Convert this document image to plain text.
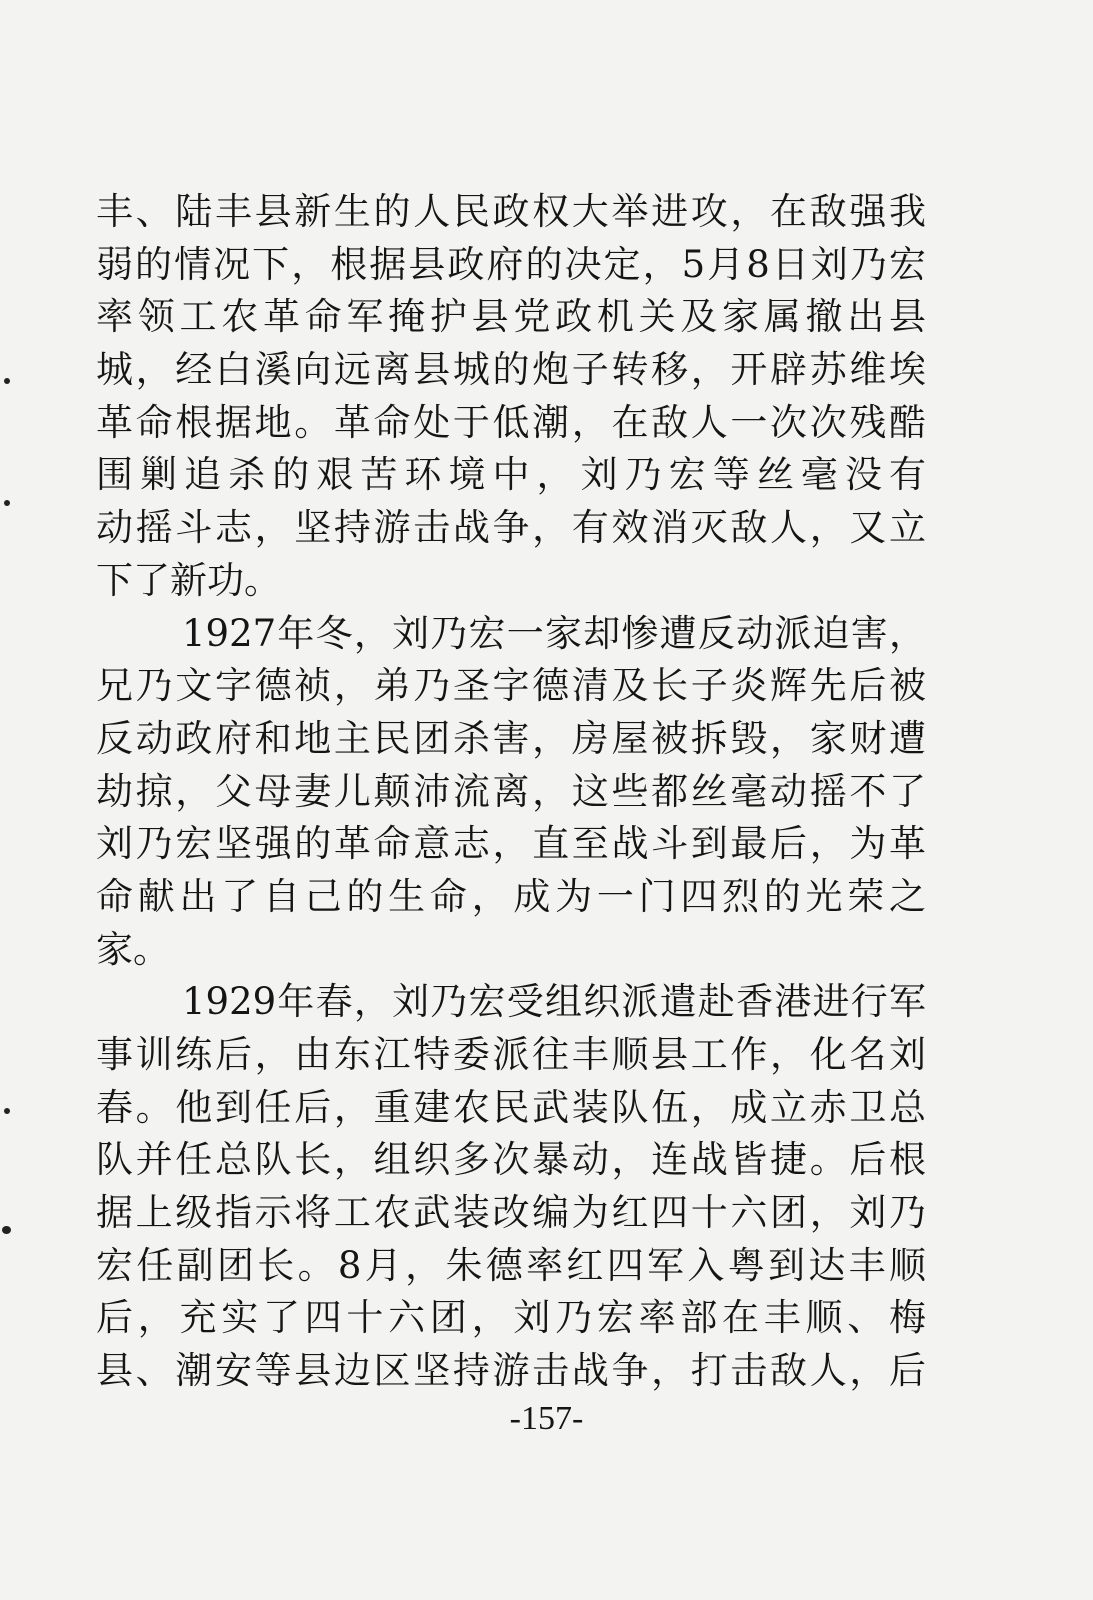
丰、陆丰县新生的人民政权大举进攻，在敌强我
弱的情况下，根据县政府的决定，5月8日刘乃宏
率领工农革命军掩护县党政机关及家属撤出县
城，经白溪向远离县城的炮子转移，开辟苏维埃
革命根据地。革命处于低潮，在敌人一次次残酷
围剿追杀的艰苦环境中，刘乃宏等丝毫没有
动摇斗志，坚持游击战争，有效消灭敌人，又立
下了新功。
1927年冬，刘乃宏一家却惨遭反动派迫害，
兄乃文字德祯，弟乃圣字德清及长子炎辉先后被
反动政府和地主民团杀害，房屋被拆毁，家财遭
劫掠，父母妻儿颠沛流离，这些都丝毫动摇不了
刘乃宏坚强的革命意志，直至战斗到最后，为革
命献出了自己的生命，成为一门四烈的光荣之
家。
1929年春，刘乃宏受组织派遣赴香港进行军
事训练后，由东江特委派往丰顺县工作，化名刘
春。他到任后，重建农民武装队伍，成立赤卫总
队并任总队长，组织多次暴动，连战皆捷。后根
据上级指示将工农武装改编为红四十六团，刘乃
宏任副团长。8月，朱德率红四军入粤到达丰顺
后，充实了四十六团，刘乃宏率部在丰顺、梅
县、潮安等县边区坚持游击战争，打击敌人，后
-157-
